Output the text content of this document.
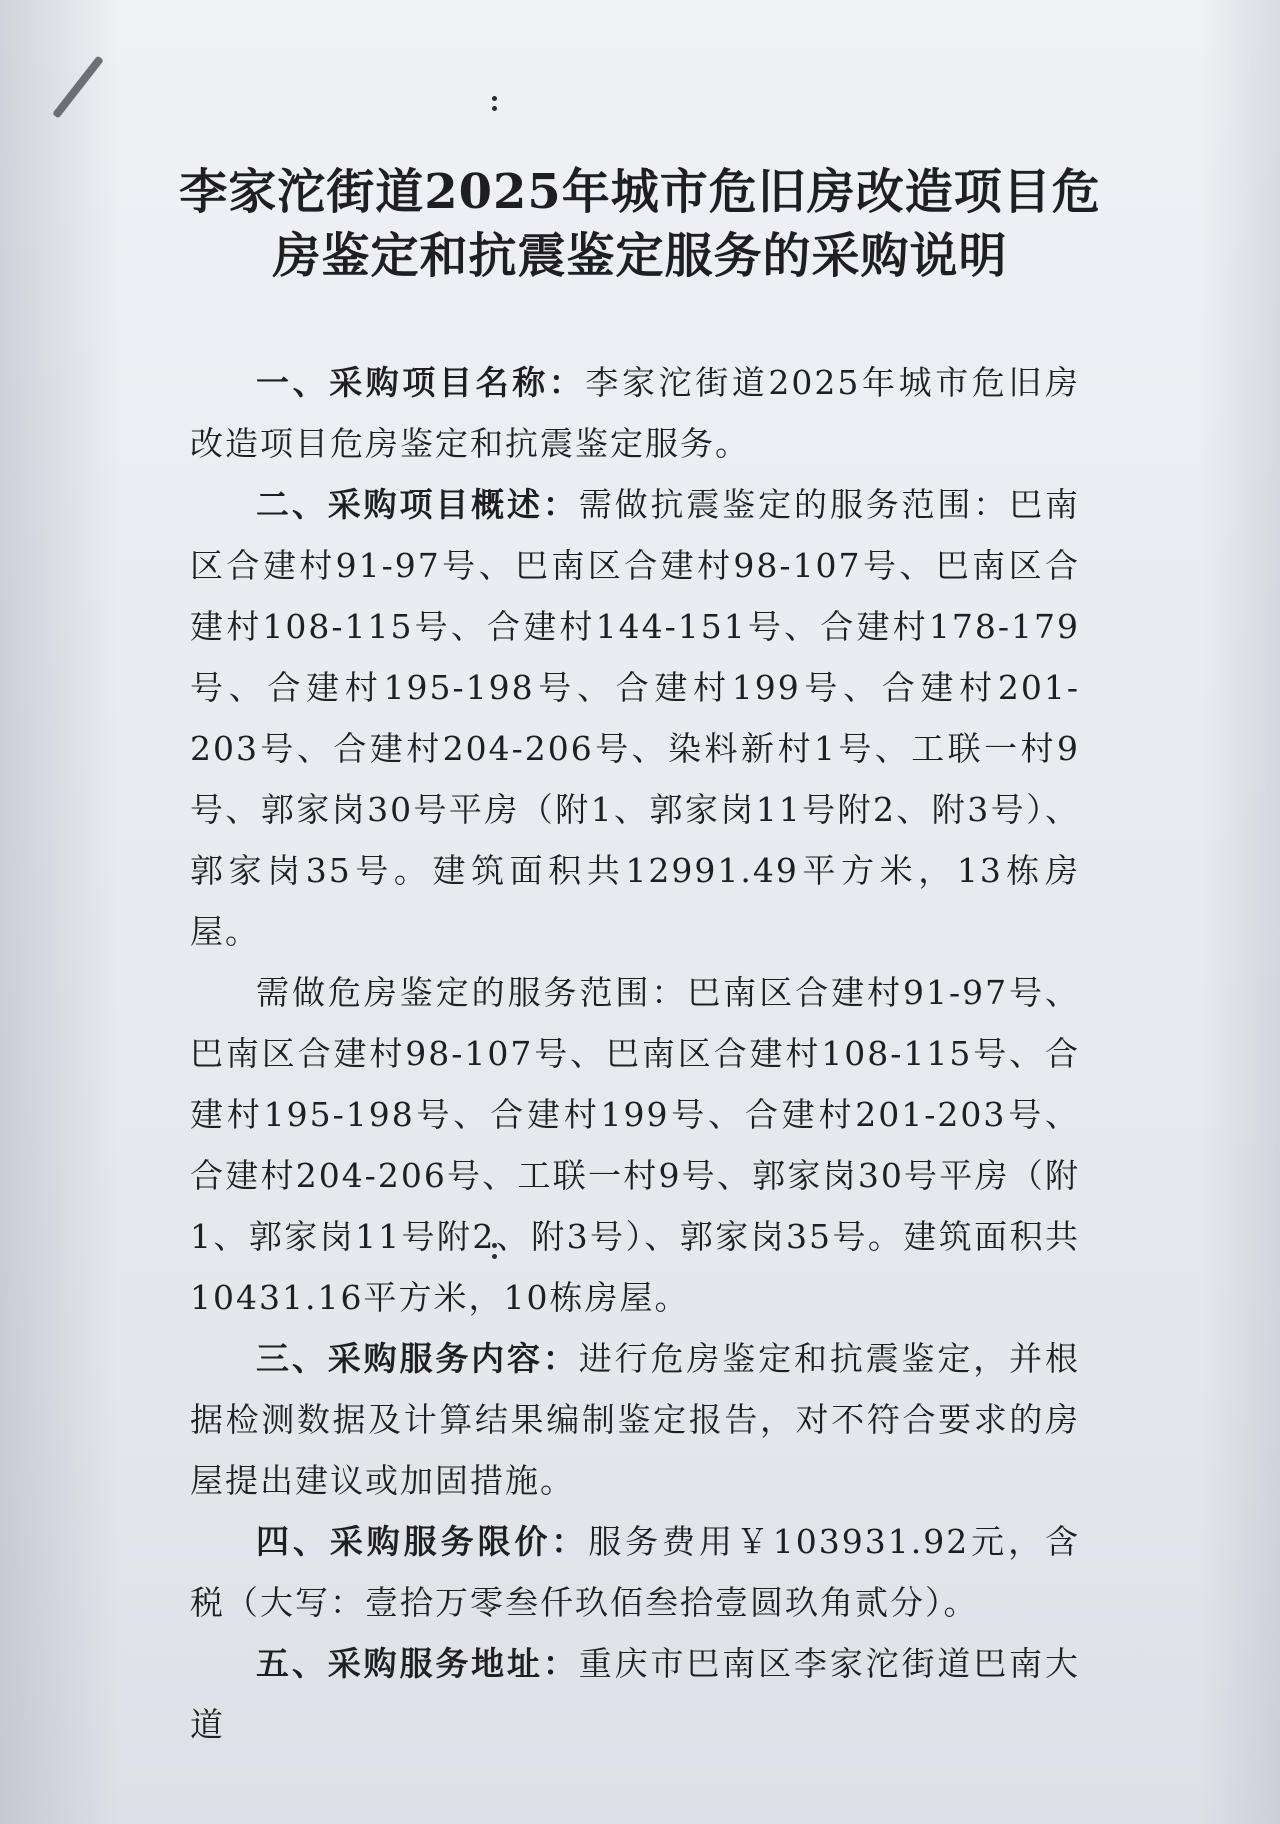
李家沱街道2025年城市危旧房改造项目危
房鉴定和抗震鉴定服务的采购说明

一、采购项目名称：李家沱街道2025年城市危旧房改造项目危房鉴定和抗震鉴定服务。

二、采购项目概述：需做抗震鉴定的服务范围：巴南区合建村91-97号、巴南区合建村98-107号、巴南区合建村108-115号、合建村144-151号、合建村178-179号、合建村195-198号、合建村199号、合建村201-203号、合建村204-206号、染料新村1号、工联一村9号、郭家岗30号平房（附1、郭家岗11号附2、附3号）、郭家岗35号。建筑面积共12991.49平方米，13栋房屋。

需做危房鉴定的服务范围：巴南区合建村91-97号、巴南区合建村98-107号、巴南区合建村108-115号、合建村195-198号、合建村199号、合建村201-203号、合建村204-206号、工联一村9号、郭家岗30号平房（附1、郭家岗11号附2、附3号）、郭家岗35号。建筑面积共10431.16平方米，10栋房屋。

三、采购服务内容：进行危房鉴定和抗震鉴定，并根据检测数据及计算结果编制鉴定报告，对不符合要求的房屋提出建议或加固措施。

四、采购服务限价：服务费用￥103931.92元，含税（大写：壹拾万零叁仟玖佰叁拾壹圆玖角贰分）。

五、采购服务地址：重庆市巴南区李家沱街道巴南大道
